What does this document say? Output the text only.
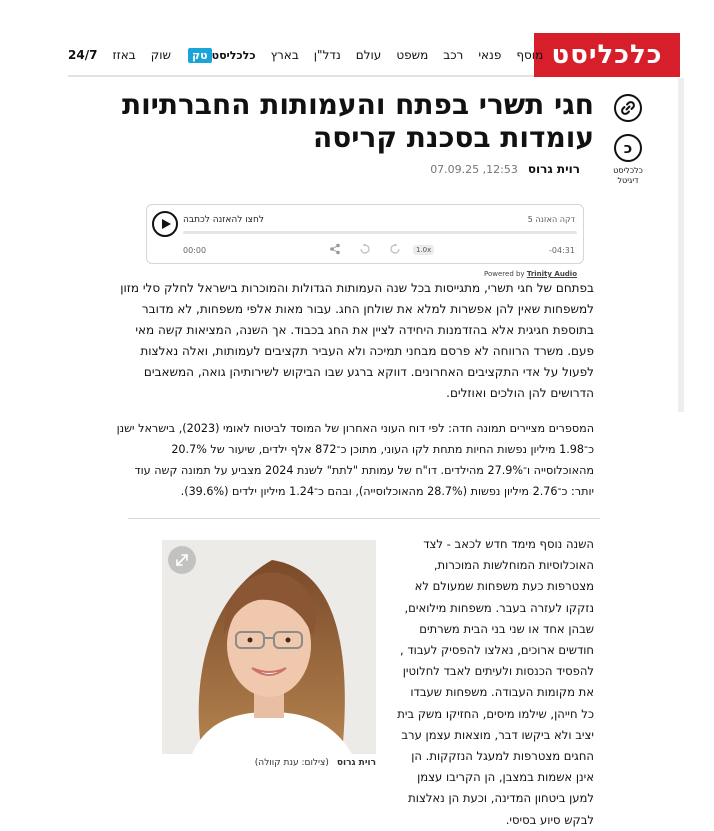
כלכליסט
24/7 באזז שוק	כלכליסט
טק	בארץ נדל"ן עולם משפט רכב פנאי מוסף
כ
כלכליסט
דיגיטל
חגי תשרי בפתח והעמותות החברתיות עומדות בסכנת קריסה
רוית גרוס
12:53, 07.09.25
לחצו להאזנה לכתבה	דקה האזנה 5
00:00	1.0x	-04:31
Powered by Trinity Audio

בפתחם של חגי תשרי, מתגייסות בכל שנה העמותות הגדולות והמוכרות בישראל לחלק סלי מזון למשפחות שאין להן אפשרות למלא את שולחן החג. עבור מאות אלפי משפחות, לא מדובר בתוספת חגיגית אלא בהזדמנות היחידה לציין את החג בכבוד. אך השנה, המציאות קשה מאי פעם. משרד הרווחה לא פרסם מבחני תמיכה ולא העביר תקציבים לעמותות, ואלה נאלצות לפעול על אדי התקציבים האחרונים. דווקא ברגע שבו הביקוש לשירותיהן גואה, המשאבים הדרושים להן הולכים ואוזלים.

המספרים מציירים תמונה חדה: לפי דוח העוני האחרון של המוסד לביטוח לאומי (2023), בישראל ישנן כ־1.98 מיליון נפשות החיות מתחת לקו העוני, מתוכן כ־872 אלף ילדים, שיעור של 20.7% מהאוכלוסייה ו־27.9% מהילדים. דו"ח של עמותת "לתת" לשנת 2024 מצביע על תמונה קשה עוד יותר: כ־2.76 מיליון נפשות (28.7% מהאוכלוסייה), ובהם כ־1.24 מיליון ילדים (39.6%).

השנה נוסף מימד חדש לכאב - לצד האוכלוסיות המוחלשות המוכרות, מצטרפות כעת משפחות שמעולם לא נזקקו לעזרה בעבר. משפחות מילואים, שבהן אחד או שני בני הבית משרתים חודשים ארוכים, נאלצו להפסיק לעבוד , להפסיד הכנסות ולעיתים לאבד לחלוטין את מקומות העבודה. משפחות שעבדו כל חייהן, שילמו מיסים, החזיקו משק בית יציב ולא ביקשו דבר, מוצאות עצמן ערב החגים מצטרפות למעגל הנזקקות. הן אינן אשמות במצבן, הן הקריבו עצמן למען ביטחון המדינה, וכעת הן נאלצות לבקש סיוע בסיסי.

רוית גרוס
(צילום: ענת קוולה)
